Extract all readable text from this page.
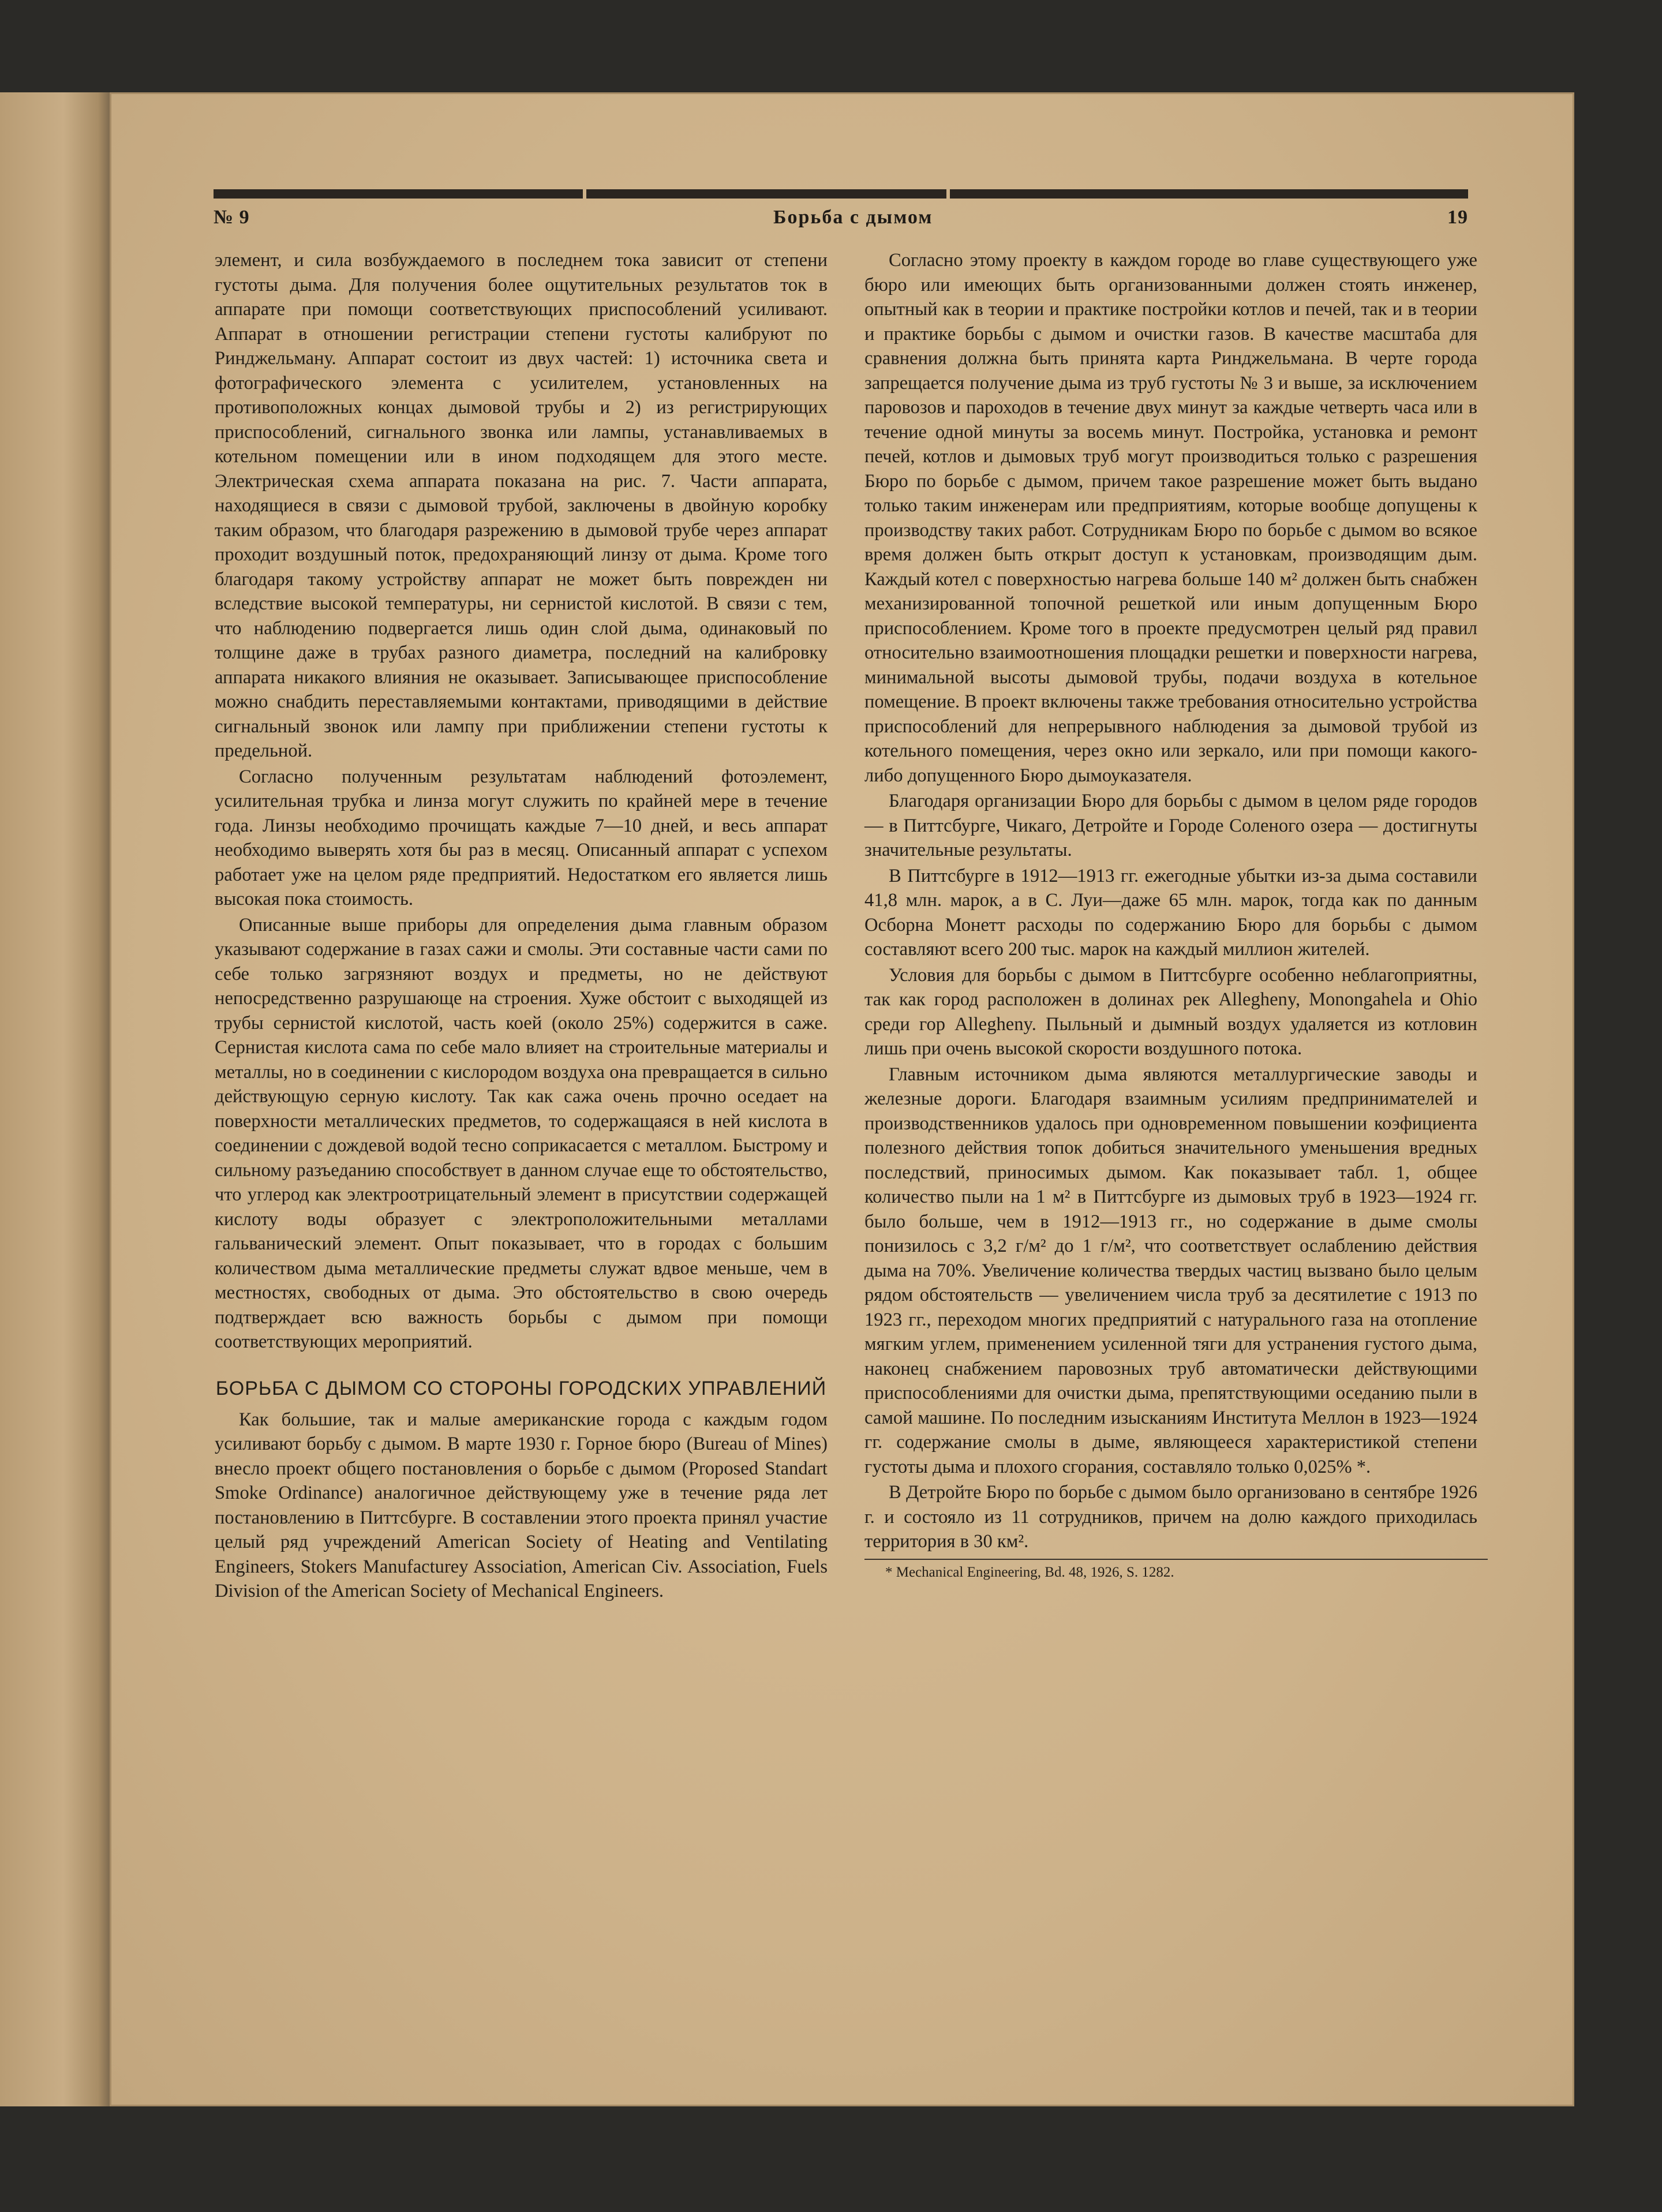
№ 9	Борьба с дымом	19

элемент, и сила возбуждаемого в последнем тока зависит от степени густоты дыма. Для получения более ощутительных результатов ток в аппарате при помощи соответствующих приспособлений усиливают. Аппарат в отношении регистрации степени густоты калибруют по Ринджельману. Аппарат состоит из двух частей: 1) источника света и фотографического элемента с усилителем, установленных на противоположных концах дымовой трубы и 2) из регистрирующих приспособлений, сигнального звонка или лампы, устанавливаемых в котельном помещении или в ином подходящем для этого месте. Электрическая схема аппарата показана на рис. 7. Части аппарата, находящиеся в связи с дымовой трубой, заключены в двойную коробку таким образом, что благодаря разрежению в дымовой трубе через аппарат проходит воздушный поток, предохраняющий линзу от дыма. Кроме того благодаря такому устройству аппарат не может быть поврежден ни вследствие высокой температуры, ни сернистой кислотой. В связи с тем, что наблюдению подвергается лишь один слой дыма, одинаковый по толщине даже в трубах разного диаметра, последний на калибровку аппарата никакого влияния не оказывает. Записывающее приспособление можно снабдить переставляемыми контактами, приводящими в действие сигнальный звонок или лампу при приближении степени густоты к предельной.

Согласно полученным результатам наблюдений фотоэлемент, усилительная трубка и линза могут служить по крайней мере в течение года. Линзы необходимо прочищать каждые 7—10 дней, и весь аппарат необходимо выверять хотя бы раз в месяц. Описанный аппарат с успехом работает уже на целом ряде предприятий. Недостатком его является лишь высокая пока стоимость.

Описанные выше приборы для определения дыма главным образом указывают содержание в газах сажи и смолы. Эти составные части сами по себе только загрязняют воздух и предметы, но не действуют непосредственно разрушающе на строения. Хуже обстоит с выходящей из трубы сернистой кислотой, часть коей (около 25%) содержится в саже. Сернистая кислота сама по себе мало влияет на строительные материалы и металлы, но в соединении с кислородом воздуха она превращается в сильно действующую серную кислоту. Так как сажа очень прочно оседает на поверхности металлических предметов, то содержащаяся в ней кислота в соединении с дождевой водой тесно соприкасается с металлом. Быстрому и сильному разъеданию способствует в данном случае еще то обстоятельство, что углерод как электроотрицательный элемент в присутствии содержащей кислоту воды образует с электроположительными металлами гальванический элемент. Опыт показывает, что в городах с большим количеством дыма металлические предметы служат вдвое меньше, чем в местностях, свободных от дыма. Это обстоятельство в свою очередь подтверждает всю важность борьбы с дымом при помощи соответствующих мероприятий.

БОРЬБА С ДЫМОМ СО СТОРОНЫ ГОРОДСКИХ УПРАВЛЕНИЙ

Как большие, так и малые американские города с каждым годом усиливают борьбу с дымом. В марте 1930 г. Горное бюро (Bureau of Mines) внесло проект общего постановления о борьбе с дымом (Proposed Standart Smoke Ordinance) аналогичное действующему уже в течение ряда лет постановлению в Питтсбурге. В составлении этого проекта принял участие целый ряд учреждений American Society of Heating and Ventilating Engineers, Stokers Manufacturey Association, American Civ. Association, Fuels Division of the American Society of Mechanical Engineers.

Согласно этому проекту в каждом городе во главе существующего уже бюро или имеющих быть организованными должен стоять инженер, опытный как в теории и практике постройки котлов и печей, так и в теории и практике борьбы с дымом и очистки газов. В качестве масштаба для сравнения должна быть принята карта Ринджельмана. В черте города запрещается получение дыма из труб густоты № 3 и выше, за исключением паровозов и пароходов в течение двух минут за каждые четверть часа или в течение одной минуты за восемь минут. Постройка, установка и ремонт печей, котлов и дымовых труб могут производиться только с разрешения Бюро по борьбе с дымом, причем такое разрешение может быть выдано только таким инженерам или предприятиям, которые вообще допущены к производству таких работ. Сотрудникам Бюро по борьбе с дымом во всякое время должен быть открыт доступ к установкам, производящим дым. Каждый котел с поверхностью нагрева больше 140 м² должен быть снабжен механизированной топочной решеткой или иным допущенным Бюро приспособлением. Кроме того в проекте предусмотрен целый ряд правил относительно взаимоотношения площадки решетки и поверхности нагрева, минимальной высоты дымовой трубы, подачи воздуха в котельное помещение. В проект включены также требования относительно устройства приспособлений для непрерывного наблюдения за дымовой трубой из котельного помещения, через окно или зеркало, или при помощи какого-либо допущенного Бюро дымоуказателя.

Благодаря организации Бюро для борьбы с дымом в целом ряде городов — в Питтсбурге, Чикаго, Детройте и Городе Соленого озера — достигнуты значительные результаты.

В Питтсбурге в 1912—1913 гг. ежегодные убытки из-за дыма составили 41,8 млн. марок, а в С. Луи—даже 65 млн. марок, тогда как по данным Осборна Монетт расходы по содержанию Бюро для борьбы с дымом составляют всего 200 тыс. марок на каждый миллион жителей.

Условия для борьбы с дымом в Питтсбурге особенно неблагоприятны, так как город расположен в долинах рек Allegheny, Monongahela и Ohio среди гор Allegheny. Пыльный и дымный воздух удаляется из котловин лишь при очень высокой скорости воздушного потока.

Главным источником дыма являются металлургические заводы и железные дороги. Благодаря взаимным усилиям предпринимателей и производственников удалось при одновременном повышении коэфициента полезного действия топок добиться значительного уменьшения вредных последствий, приносимых дымом. Как показывает табл. 1, общее количество пыли на 1 м² в Питтсбурге из дымовых труб в 1923—1924 гг. было больше, чем в 1912—1913 гг., но содержание в дыме смолы понизилось с 3,2 г/м² до 1 г/м², что соответствует ослаблению действия дыма на 70%. Увеличение количества твердых частиц вызвано было целым рядом обстоятельств — увеличением числа труб за десятилетие с 1913 по 1923 гг., переходом многих предприятий с натурального газа на отопление мягким углем, применением усиленной тяги для устранения густого дыма, наконец снабжением паровозных труб автоматически действующими приспособлениями для очистки дыма, препятствующими оседанию пыли в самой машине. По последним изысканиям Института Меллон в 1923—1924 гг. содержание смолы в дыме, являющееся характеристикой степени густоты дыма и плохого сгорания, составляло только 0,025% *.

В Детройте Бюро по борьбе с дымом было организовано в сентябре 1926 г. и состояло из 11 сотрудников, причем на долю каждого приходилась территория в 30 км².

* Mechanical Engineering, Bd. 48, 1926, S. 1282.
